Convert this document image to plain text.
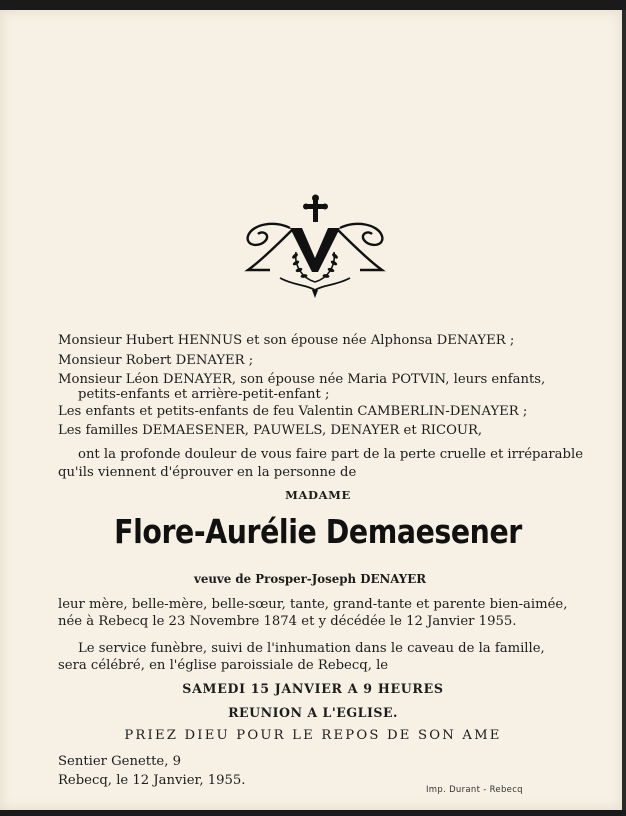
Monsieur Hubert HENNUS et son épouse née Alphonsa DENAYER ;
Monsieur Robert DENAYER ;
Monsieur Léon DENAYER, son épouse née Maria POTVIN, leurs enfants,
petits-enfants et arrière-petit-enfant ;
Les enfants et petits-enfants de feu Valentin CAMBERLIN-DENAYER ;
Les familles DEMAESENER, PAUWELS, DENAYER et RICOUR,
ont la profonde douleur de vous faire part de la perte cruelle et irréparable
qu'ils viennent d'éprouver en la personne de
MADAME
Flore-Aurélie Demaesener
veuve de Prosper-Joseph DENAYER
leur mère, belle-mère, belle-sœur, tante, grand-tante et parente bien-aimée,
née à Rebecq le 23 Novembre 1874 et y décédée le 12 Janvier 1955.
Le service funèbre, suivi de l'inhumation dans le caveau de la famille,
sera célébré, en l'église paroissiale de Rebecq, le
SAMEDI 15 JANVIER A 9 HEURES
REUNION A L'EGLISE.
PRIEZ DIEU POUR LE REPOS DE SON AME
Sentier Genette, 9
Rebecq, le 12 Janvier, 1955.
Imp. Durant - Rebecq
